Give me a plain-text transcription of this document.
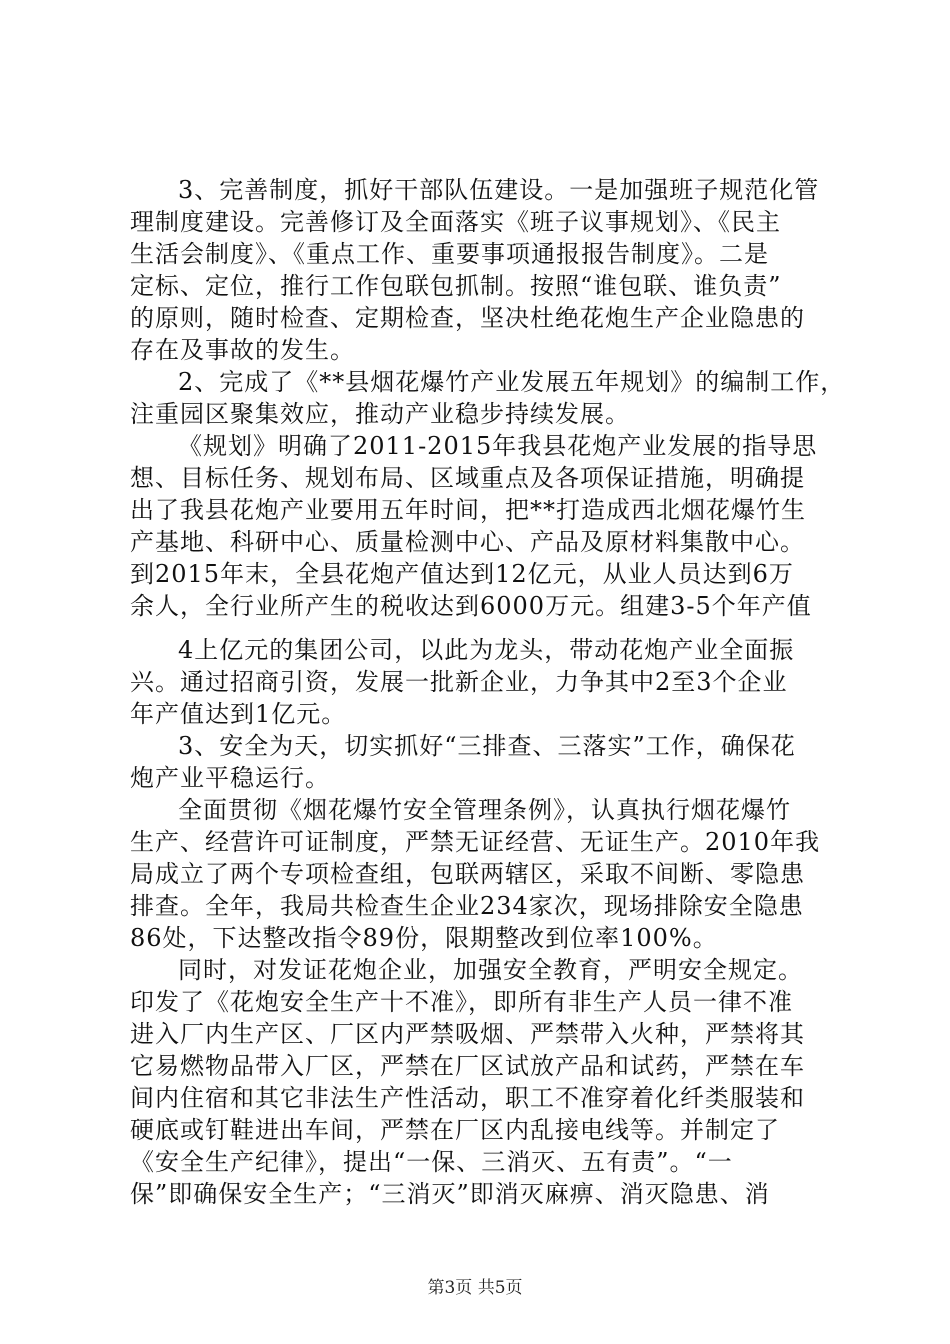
3、完善制度，抓好干部队伍建设。一是加强班子规范化管
理制度建设。完善修订及全面落实《班子议事规划》、《民主
生活会制度》、《重点工作、重要事项通报报告制度》。二是
定标、定位，推行工作包联包抓制。按照“谁包联、谁负责”
的原则，随时检查、定期检查，坚决杜绝花炮生产企业隐患的
存在及事故的发生。
2、完成了《**县烟花爆竹产业发展五年规划》的编制工作，
注重园区聚集效应，推动产业稳步持续发展。
《规划》明确了2011-2015年我县花炮产业发展的指导思
想、目标任务、规划布局、区域重点及各项保证措施，明确提
出了我县花炮产业要用五年时间，把**打造成西北烟花爆竹生
产基地、科研中心、质量检测中心、产品及原材料集散中心。
到2015年末，全县花炮产值达到12亿元，从业人员达到6万
余人，全行业所产生的税收达到6000万元。组建3-5个年产值
4上亿元的集团公司，以此为龙头，带动花炮产业全面振
兴。通过招商引资，发展一批新企业，力争其中2至3个企业
年产值达到1亿元。
3、安全为天，切实抓好“三排查、三落实”工作，确保花
炮产业平稳运行。
全面贯彻《烟花爆竹安全管理条例》，认真执行烟花爆竹
生产、经营许可证制度，严禁无证经营、无证生产。2010年我
局成立了两个专项检查组，包联两辖区，采取不间断、零隐患
排查。全年，我局共检查生企业234家次，现场排除安全隐患
86处，下达整改指令89份，限期整改到位率100%。
同时，对发证花炮企业，加强安全教育，严明安全规定。
印发了《花炮安全生产十不准》，即所有非生产人员一律不准
进入厂内生产区、厂区内严禁吸烟、严禁带入火种，严禁将其
它易燃物品带入厂区，严禁在厂区试放产品和试药，严禁在车
间内住宿和其它非法生产性活动，职工不准穿着化纤类服装和
硬底或钉鞋进出车间，严禁在厂区内乱接电线等。并制定了
《安全生产纪律》，提出“一保、三消灭、五有责”。“一
保”即确保安全生产；“三消灭”即消灭麻痹、消灭隐患、消
第3页 共5页
